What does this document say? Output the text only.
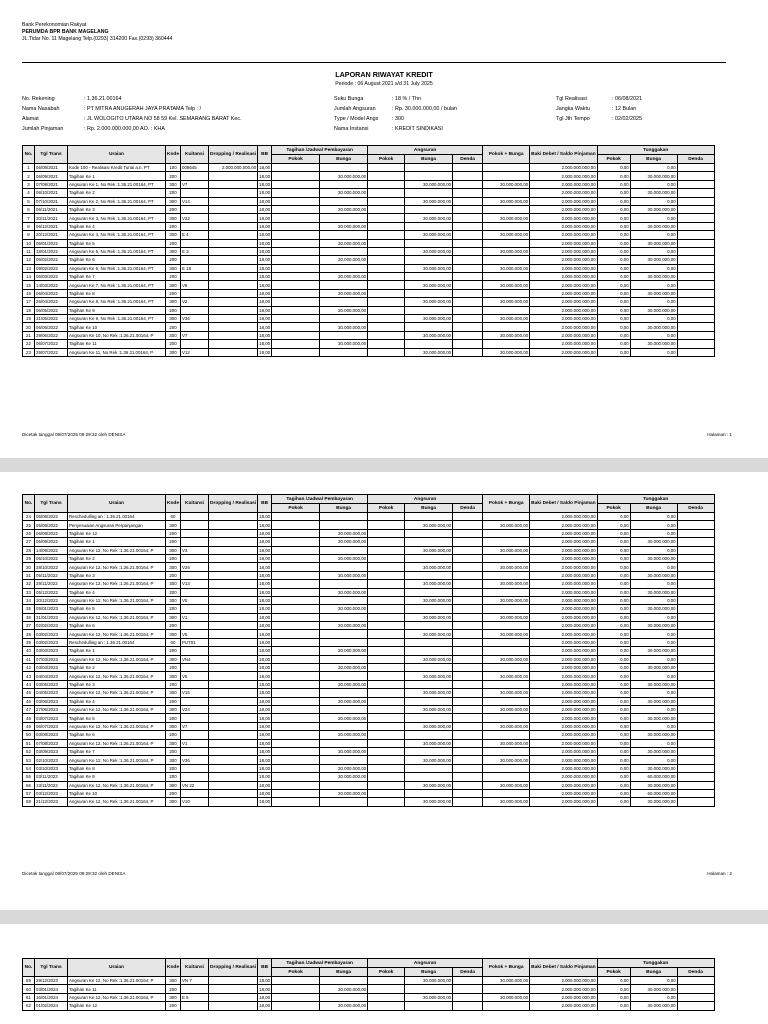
Bank Perekonomian Rakyat
PERUMDA BPR BANK MAGELANG
JL.Tidar No. 11 Magelang Telp.(0293) 314200 Fax.(0293) 360444
LAPORAN RIWAYAT KREDIT
Periode : 06 August 2021 s/d 31 July 2025
No. Rekening	: 1.36.21.00164
Nama Nasabah	: PT MITRA ANUGERAH JAYA PRATAMA Telp : /
Alamat	: JL WOLOGITO UTARA NO 58 59 Kel. SEMARANG BARAT Kec.
Jumlah Pinjaman	: Rp. 2.000.000.000,00 AO. : KHA
Suku Bunga	: 18 % / Thn
Jumlah Angsuran	: Rp. 30.000.000,00 / bulan
Type / Model Angs	: 300
Nama Instansi	: KREDIT SINDIKASI
Tgl Realisasi	: 06/08/2021
Jangka Waktu	: 12 Bulan
Tgl Jth Tempo	: 02/02/2025
No.	Tgl Trans	Uraian	Kode	Kuitansi	Dropping / Realisasi	BB	Tagihan /Jadwal Pembayaran		Angsuran			Pokok + Bunga	Baki Debet / Saldo Pinjaman	Tunggakan		
							Pokok	Bunga	Pokok	Bunga	Denda			Pokok	Bunga	Denda
1	06/08/2021	Kode 100 - Realisasi Kredit Tunai a.n. PT	100	008645	2.000.000.000,00	18,00							2.000.000.000,00	0,00	0,00	
2	06/09/2021	Tagihan Ke 1	200			18,00		30.000.000,00					2.000.000.000,00	0,00	30.000.000,00	
3	07/09/2021	Angsuran Ke 1, No Rek :1.36.21.00164, PT	300	V7		18,00				30.000.000,00		30.000.000,00	2.000.000.000,00	0,00	0,00	
4	06/10/2021	Tagihan Ke 2	200			18,00		30.000.000,00					2.000.000.000,00	0,00	30.000.000,00	
5	07/10/2021	Angsuran Ke 2, No Rek :1.36.21.00164, PT	300	V14		18,00				30.000.000,00		30.000.000,00	2.000.000.000,00	0,00	0,00	
6	06/11/2021	Tagihan Ke 3	200			18,00		30.000.000,00					2.000.000.000,00	0,00	30.000.000,00	
7	30/11/2021	Angsuran Ke 3, No Rek :1.36.21.00164, PT	300	V22		18,00				30.000.000,00		30.000.000,00	2.000.000.000,00	0,00	0,00	
8	06/12/2021	Tagihan Ke 4	200			18,00		30.000.000,00					2.000.000.000,00	0,00	30.000.000,00	
9	20/12/2021	Angsuran Ke 4, No Rek :1.36.21.00164, PT	300	E 4		18,00				30.000.000,00		30.000.000,00	2.000.000.000,00	0,00	0,00	
10	06/01/2022	Tagihan Ke 5	200			18,00		30.000.000,00					2.000.000.000,00	0,00	30.000.000,00	
11	18/01/2022	Angsuran Ke 5, No Rek :1.36.21.00164, PT	300	E 3		18,00				30.000.000,00		30.000.000,00	2.000.000.000,00	0,00	0,00	
12	06/02/2022	Tagihan Ke 6	200			18,00		30.000.000,00					2.000.000.000,00	0,00	30.000.000,00	
13	09/02/2022	Angsuran Ke 6, No Rek :1.36.21.00164, PT	300	E 18		18,00				30.000.000,00		30.000.000,00	2.000.000.000,00	0,00	0,00	
14	06/03/2022	Tagihan Ke 7	200			18,00		30.000.000,00					2.000.000.000,00	0,00	30.000.000,00	
15	14/03/2022	Angsuran Ke 7, No Rek :1.36.21.00164, PT	300	V8		18,00				30.000.000,00		30.000.000,00	2.000.000.000,00	0,00	0,00	
16	06/04/2022	Tagihan Ke 8	200			18,00		30.000.000,00					2.000.000.000,00	0,00	30.000.000,00	
17	26/04/2022	Angsuran Ke 8, No Rek :1.36.21.00164, PT	300	V2		18,00				30.000.000,00		30.000.000,00	2.000.000.000,00	0,00	0,00	
18	06/05/2022	Tagihan Ke 9	200			18,00		30.000.000,00					2.000.000.000,00	0,00	30.000.000,00	
19	31/05/2022	Angsuran Ke 9, No Rek :1.36.21.00164, PT	300	V36		18,00				30.000.000,00		30.000.000,00	2.000.000.000,00	0,00	0,00	
20	06/06/2022	Tagihan Ke 10	200			18,00		30.000.000,00					2.000.000.000,00	0,00	30.000.000,00	
21	29/06/2022	Angsuran Ke 10, No Rek :1.36.21.00164, P	300	V7		18,00				30.000.000,00		30.000.000,00	2.000.000.000,00	0,00	0,00	
22	06/07/2022	Tagihan Ke 11	200			18,00		30.000.000,00					2.000.000.000,00	0,00	30.000.000,00	
23	29/07/2022	Angsuran Ke 11, No Rek :1.36.21.00164, P	300	V12		18,00				30.000.000,00		30.000.000,00	2.000.000.000,00	0,00	0,00	
Dicetak tanggal 08/07/2025 09:29:32 oleh DENISA	Halaman : 1
No.	Tgl Trans	Uraian	Kode	Kuitansi	Dropping / Realisasi	BB	Tagihan /Jadwal Pembayaran		Angsuran			Pokok + Bunga	Baki Debet / Saldo Pinjaman	Tunggakan		
							Pokok	Bunga	Pokok	Bunga	Denda			Pokok	Bunga	Denda
24	05/08/2022	Reschedulling an : 1.36.21.00164	60			18,00							2.000.000.000,00	0,00	0,00	
25	05/08/2022	Penyesuaian Angsuran Perpanjangan	300			18,00				30.000.000,00		30.000.000,00	2.000.000.000,00	0,00	0,00	
26	06/08/2022	Tagihan Ke 12	200			18,00		30.000.000,00					2.000.000.000,00	0,00	0,00	
27	05/09/2022	Tagihan Ke 1	200			18,00		30.000.000,00					2.000.000.000,00	0,00	30.000.000,00	
28	14/09/2022	Angsuran Ke 12, No Rek :1.36.21.00164, P	300	V3		18,00				30.000.000,00		30.000.000,00	2.000.000.000,00	0,00	0,00	
29	05/10/2022	Tagihan Ke 2	200			18,00		30.000.000,00					2.000.000.000,00	0,00	30.000.000,00	
30	28/10/2022	Angsuran Ke 12, No Rek :1.36.21.00164, P	300	V26		18,00				30.000.000,00		30.000.000,00	2.000.000.000,00	0,00	0,00	
31	05/11/2022	Tagihan Ke 3	200			18,00		30.000.000,00					2.000.000.000,00	0,00	30.000.000,00	
32	29/11/2022	Angsuran Ke 12, No Rek :1.36.21.00164, P	300	V13		18,00				30.000.000,00		30.000.000,00	2.000.000.000,00	0,00	0,00	
33	05/12/2022	Tagihan Ke 4	200			18,00		30.000.000,00					2.000.000.000,00	0,00	30.000.000,00	
34	30/12/2022	Angsuran Ke 12, No Rek :1.36.21.00164, P	300	V5		18,00				30.000.000,00		30.000.000,00	2.000.000.000,00	0,00	0,00	
35	05/01/2023	Tagihan Ke 5	200			18,00		30.000.000,00					2.000.000.000,00	0,00	30.000.000,00	
36	31/01/2023	Angsuran Ke 12, No Rek :1.36.21.00164, P	300	V1		18,00				30.000.000,00		30.000.000,00	2.000.000.000,00	0,00	0,00	
37	02/02/2023	Tagihan Ke 6	200			18,00		30.000.000,00					2.000.000.000,00	0,00	30.000.000,00	
38	03/02/2023	Angsuran Ke 12, No Rek :1.36.21.00164, P	300	V5		18,00				30.000.000,00		30.000.000,00	2.000.000.000,00	0,00	0,00	
39	03/02/2023	Reschedulling an : 1.36.21.00164	60	PUT01		18,00							2.000.000.000,00	0,00	0,00	
40	03/03/2023	Tagihan Ke 1	200			18,00		30.000.000,00					2.000.000.000,00	0,00	30.000.000,00	
41	07/03/2023	Angsuran Ke 12, No Rek :1.36.21.00164, P	300	VN4		18,00				30.000.000,00		30.000.000,00	2.000.000.000,00	0,00	0,00	
42	03/04/2023	Tagihan Ke 2	200			18,00		30.000.000,00					2.000.000.000,00	0,00	30.000.000,00	
43	04/04/2023	Angsuran Ke 12, No Rek :1.36.21.00164, P	300	V5		18,00				30.000.000,00		30.000.000,00	2.000.000.000,00	0,00	0,00	
44	03/05/2023	Tagihan Ke 3	200			18,00		30.000.000,00					2.000.000.000,00	0,00	30.000.000,00	
45	04/05/2023	Angsuran Ke 12, No Rek :1.36.21.00164, P	300	V15		18,00				30.000.000,00		30.000.000,00	2.000.000.000,00	0,00	0,00	
46	03/06/2023	Tagihan Ke 4	200			18,00		30.000.000,00					2.000.000.000,00	0,00	30.000.000,00	
47	27/06/2023	Angsuran Ke 12, No Rek :1.36.21.00164, P	300	V24		18,00				30.000.000,00		30.000.000,00	2.000.000.000,00	0,00	0,00	
48	03/07/2023	Tagihan Ke 5	200			18,00		30.000.000,00					2.000.000.000,00	0,00	30.000.000,00	
49	06/07/2023	Angsuran Ke 12, No Rek :1.36.21.00164, P	300	V7		18,00				30.000.000,00		30.000.000,00	2.000.000.000,00	0,00	0,00	
50	03/08/2023	Tagihan Ke 6	200			18,00		30.000.000,00					2.000.000.000,00	0,00	30.000.000,00	
51	07/08/2023	Angsuran Ke 12, No Rek :1.36.21.00164, P	300	V1		18,00				30.000.000,00		30.000.000,00	2.000.000.000,00	0,00	0,00	
52	03/09/2023	Tagihan Ke 7	200			18,00		30.000.000,00					2.000.000.000,00	0,00	30.000.000,00	
53	02/10/2023	Angsuran Ke 12, No Rek :1.36.21.00164, P	300	V36		18,00				30.000.000,00		30.000.000,00	2.000.000.000,00	0,00	0,00	
54	03/10/2023	Tagihan Ke 8	200			18,00		30.000.000,00					2.000.000.000,00	0,00	30.000.000,00	
55	03/11/2023	Tagihan Ke 9	200			18,00		30.000.000,00					2.000.000.000,00	0,00	60.000.000,00	
56	13/11/2023	Angsuran Ke 12, No Rek :1.36.21.00164, P	300	VN 22		18,00				30.000.000,00		30.000.000,00	2.000.000.000,00	0,00	30.000.000,00	
57	03/12/2023	Tagihan Ke 10	200			18,00		30.000.000,00					2.000.000.000,00	0,00	60.000.000,00	
58	21/12/2023	Angsuran Ke 12, No Rek :1.36.21.00164, P	300	V10		18,00				30.000.000,00		30.000.000,00	2.000.000.000,00	0,00	30.000.000,00	
Dicetak tanggal 08/07/2025 09:29:32 oleh DENISA	Halaman : 2
No.	Tgl Trans	Uraian	Kode	Kuitansi	Dropping / Realisasi	BB	Tagihan /Jadwal Pembayaran		Angsuran			Pokok + Bunga	Baki Debet / Saldo Pinjaman	Tunggakan		
							Pokok	Bunga	Pokok	Bunga	Denda			Pokok	Bunga	Denda
59	29/12/2023	Angsuran Ke 12, No Rek :1.36.21.00164, P	300	VN 7		18,00				30.000.000,00		30.000.000,00	2.000.000.000,00	0,00	0,00	
60	03/01/2024	Tagihan Ke 11	200			18,00		30.000.000,00					2.000.000.000,00	0,00	30.000.000,00	
61	16/01/2024	Angsuran Ke 12, No Rek :1.36.21.00164, P	300	E 5		18,00				30.000.000,00		30.000.000,00	2.000.000.000,00	0,00	0,00	
62	01/02/2024	Tagihan Ke 12	200			18,00		30.000.000,00					2.000.000.000,00	0,00	30.000.000,00	
